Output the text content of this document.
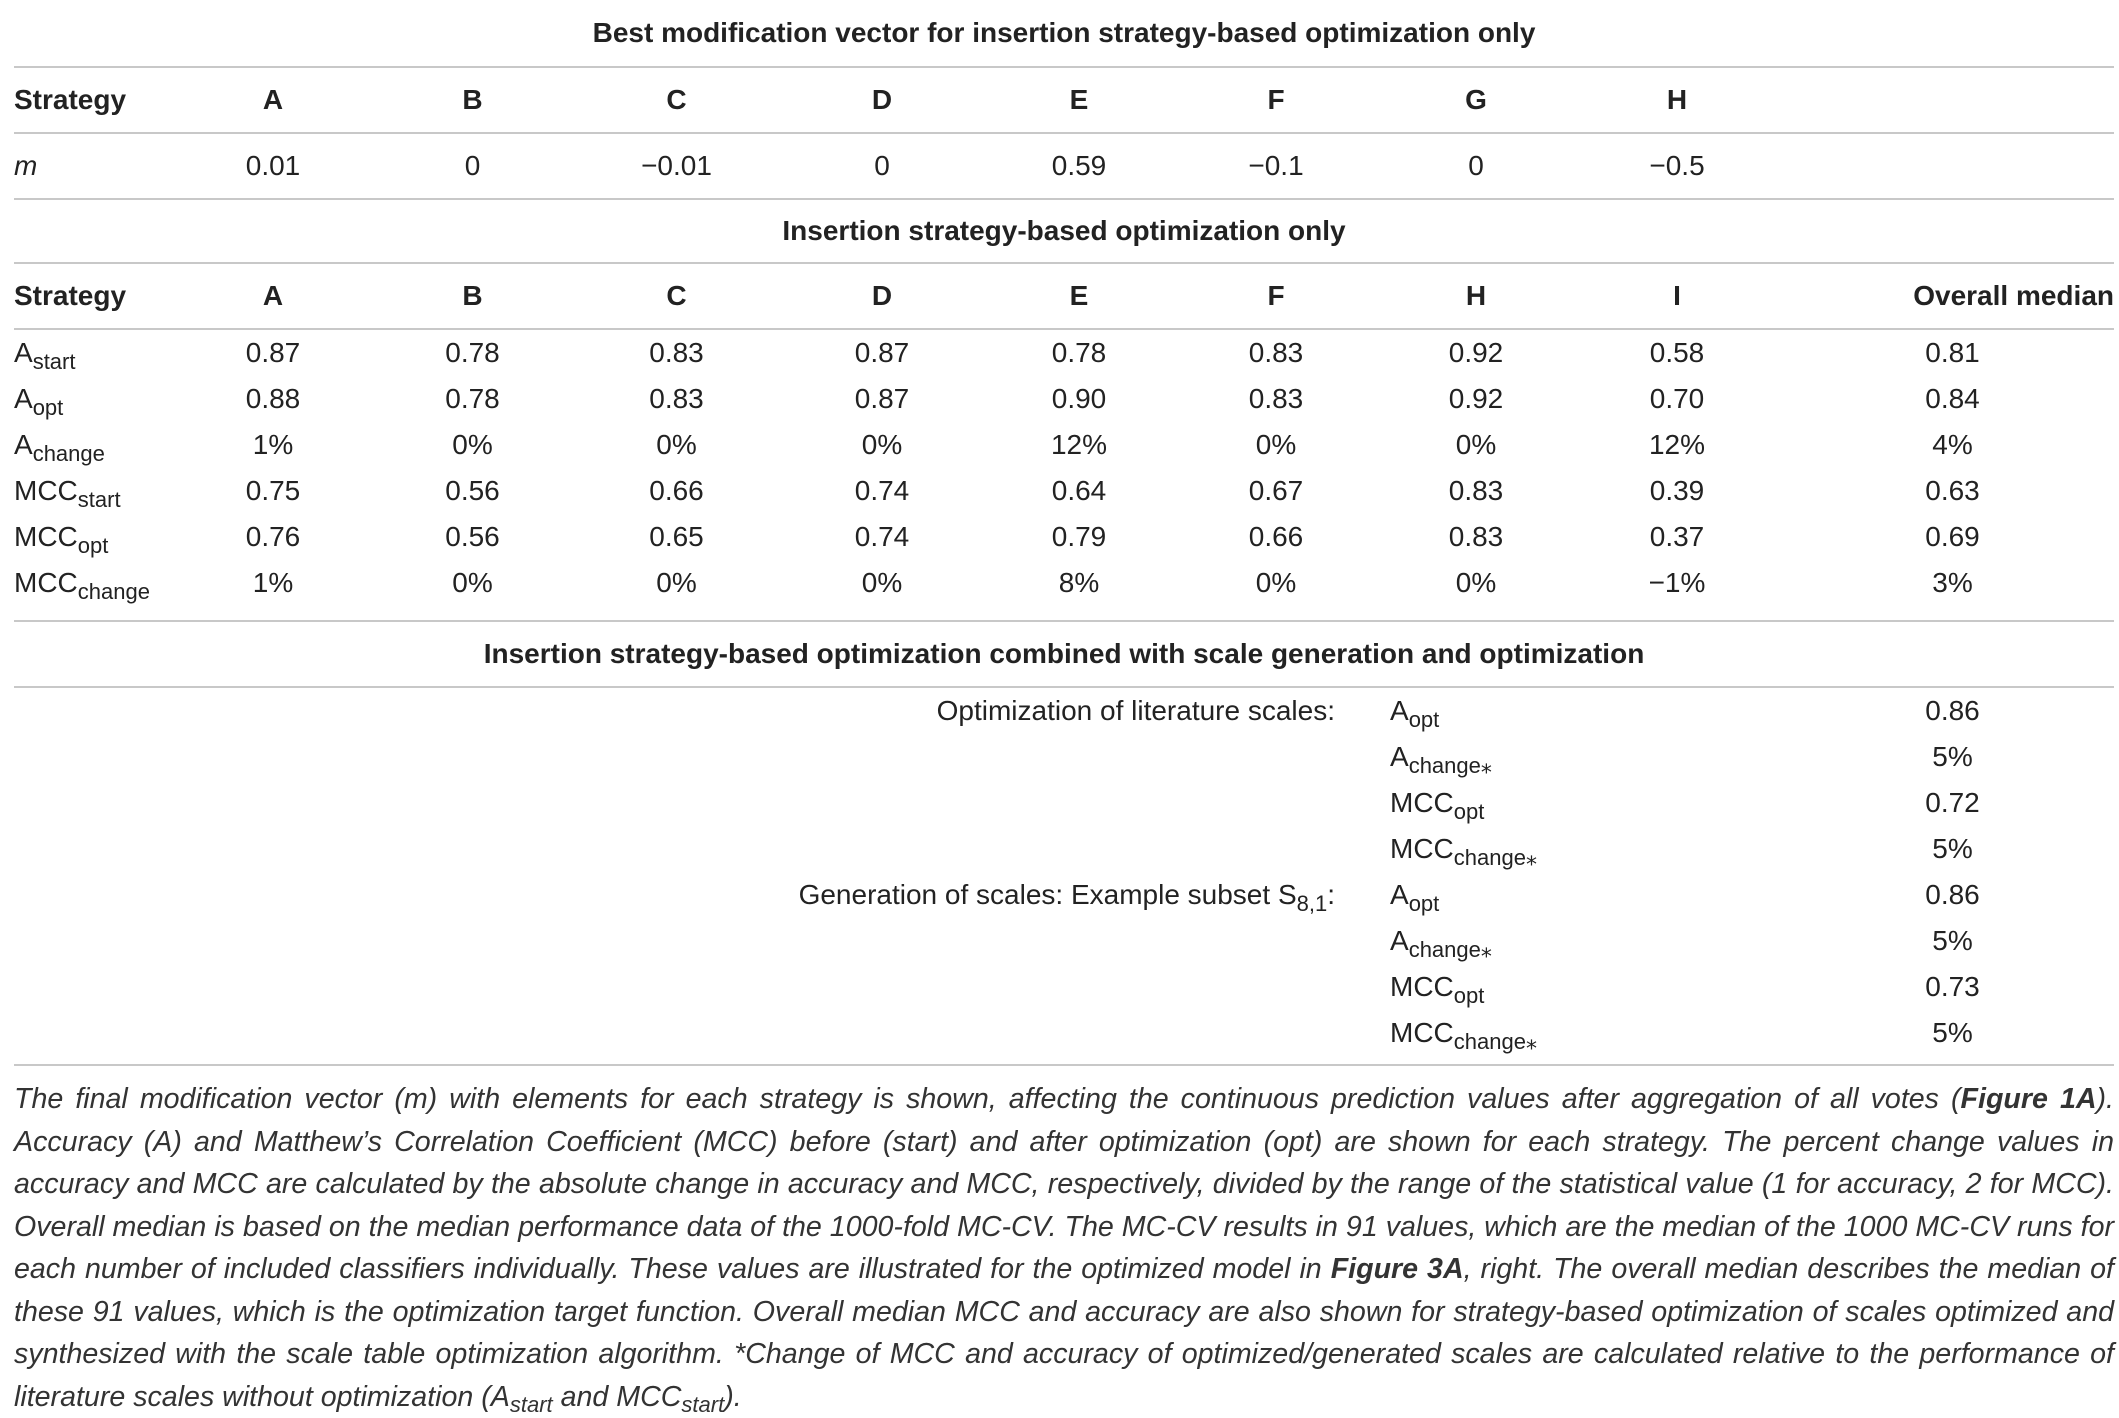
Best modification vector for insertion strategy-based optimization only									
Strategy	A	B	C	D	E	F	G	H	
m	0.01	0	−0.01	0	0.59	−0.1	0	−0.5	
Insertion strategy-based optimization only									
Strategy	A	B	C	D	E	F	H	I	Overall median
$A_{start}$	0.87	0.78	0.83	0.87	0.78	0.83	0.92	0.58	0.81
$A_{opt}$	0.88	0.78	0.83	0.87	0.90	0.83	0.92	0.70	0.84
$A_{change}$	1%	0%	0%	0%	12%	0%	0%	12%	4%
$MCC_{start}$	0.75	0.56	0.66	0.74	0.64	0.67	0.83	0.39	0.63
$MCC_{opt}$	0.76	0.56	0.65	0.74	0.79	0.66	0.83	0.37	0.69
$MCC_{change}$	1%	0%	0%	0%	8%	0%	0%	−1%	3%

Insertion strategy-based optimization combined with scale generation and optimization									
Optimization of literature scales:							$A_{opt}$		0.86
							$A_{change⁎}$		5%
							$MCC_{opt}$		0.72
							$MCC_{change⁎}$		5%
Generation of scales: Example subset $S_{8,1}$:							$A_{opt}$		0.86
							$A_{change⁎}$		5%
							$MCC_{opt}$		0.73
							$MCC_{change⁎}$		5%

The final modification vector (m) with elements for each strategy is shown, affecting the continuous prediction values after aggregation of all votes (Figure 1A). Accuracy (A) and Matthew’s Correlation Coefficient (MCC) before (start) and after optimization (opt) are shown for each strategy. The percent change values in accuracy and MCC are calculated by the absolute change in accuracy and MCC, respectively, divided by the range of the statistical value (1 for accuracy, 2 for MCC). Overall median is based on the median performance data of the 1000-fold MC-CV. The MC-CV results in 91 values, which are the median of the 1000 MC-CV runs for each number of included classifiers individually. These values are illustrated for the optimized model in Figure 3A, right. The overall median describes the median of these 91 values, which is the optimization target function. Overall median MCC and accuracy are also shown for strategy-based optimization of scales optimized and synthesized with the scale table optimization algorithm. *Change of MCC and accuracy of optimized/generated scales are calculated relative to the performance of literature scales without optimization ($A_{start}$ and $MCC_{start}$).
